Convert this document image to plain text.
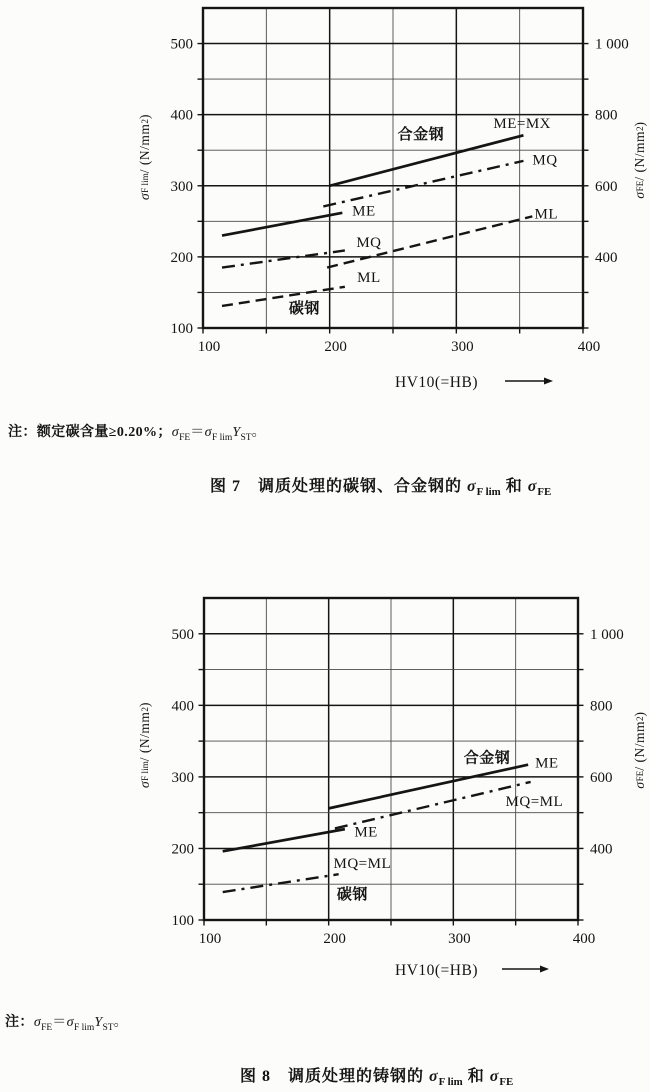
合金钢
ME=MX
MQ
ML
ME
MQ
ML
碳钢
100	200	300	400
100
200
300
400
500
400
600
800
1 000
HV10(=HB)
σ
F lim
/ (N/mm
2
)
σ
FE
/ (N/mm
2
)

注：额定碳含量≥0.20%；$\sigma_{FE}=\sigma_{F lim}Y_{ST}$。

图 7　调质处理的碳钢、合金钢的 $\sigma_{F lim}$ 和 $\sigma_{FE}$

合金钢 ME
MQ=ML
ME
MQ=ML
碳钢
100	200	300	400
100
200
300
400
500
400
600
800
1 000
HV10(=HB)
σ
F lim
/ (N/mm
2
)
σ
FE
/ (N/mm
2
)

注：$\sigma_{FE}=\sigma_{F lim}Y_{ST}$。

图 8　调质处理的铸钢的 $\sigma_{F lim}$ 和 $\sigma_{FE}$
